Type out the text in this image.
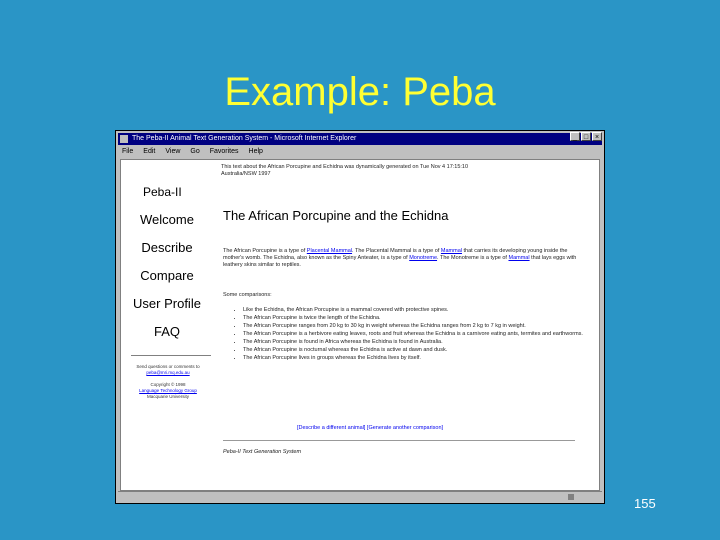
Example: Peba
The Peba-II Animal Text Generation System - Microsoft Internet Explorer	_ □ ×
File Edit View Go Favorites Help
Peba-II
Welcome
Describe
Compare
User Profile
FAQ
Send questions or comments to
peba@mri.mq.edu.au
Copyright © 1998
Language Technology Group
Macquarie University
This text about the African Porcupine and Echidna was dynamically generated on Tue Nov 4 17:15:10 Australia/NSW 1997
The African Porcupine and the Echidna
The African Porcupine is a type of Placental Mammal. The Placental Mammal is a type of Mammal that carries its developing young inside the mother's womb. The Echidna, also known as the Spiny Anteater, is a type of Monotreme. The Monotreme is a type of Mammal that lays eggs with leathery skins similar to reptiles.
Some comparisons:
• Like the Echidna, the African Porcupine is a mammal covered with protective spines.
• The African Porcupine is twice the length of the Echidna.
• The African Porcupine ranges from 20 kg to 30 kg in weight whereas the Echidna ranges from 2 kg to 7 kg in weight.
• The African Porcupine is a herbivore eating leaves, roots and fruit whereas the Echidna is a carnivore eating ants, termites and earthworms.
• The African Porcupine is found in Africa whereas the Echidna is found in Australia.
• The African Porcupine is nocturnal whereas the Echidna is active at dawn and dusk.
• The African Porcupine lives in groups whereas the Echidna lives by itself.
[Describe a different animal] [Generate another comparison]
Peba-II Text Generation System
155
